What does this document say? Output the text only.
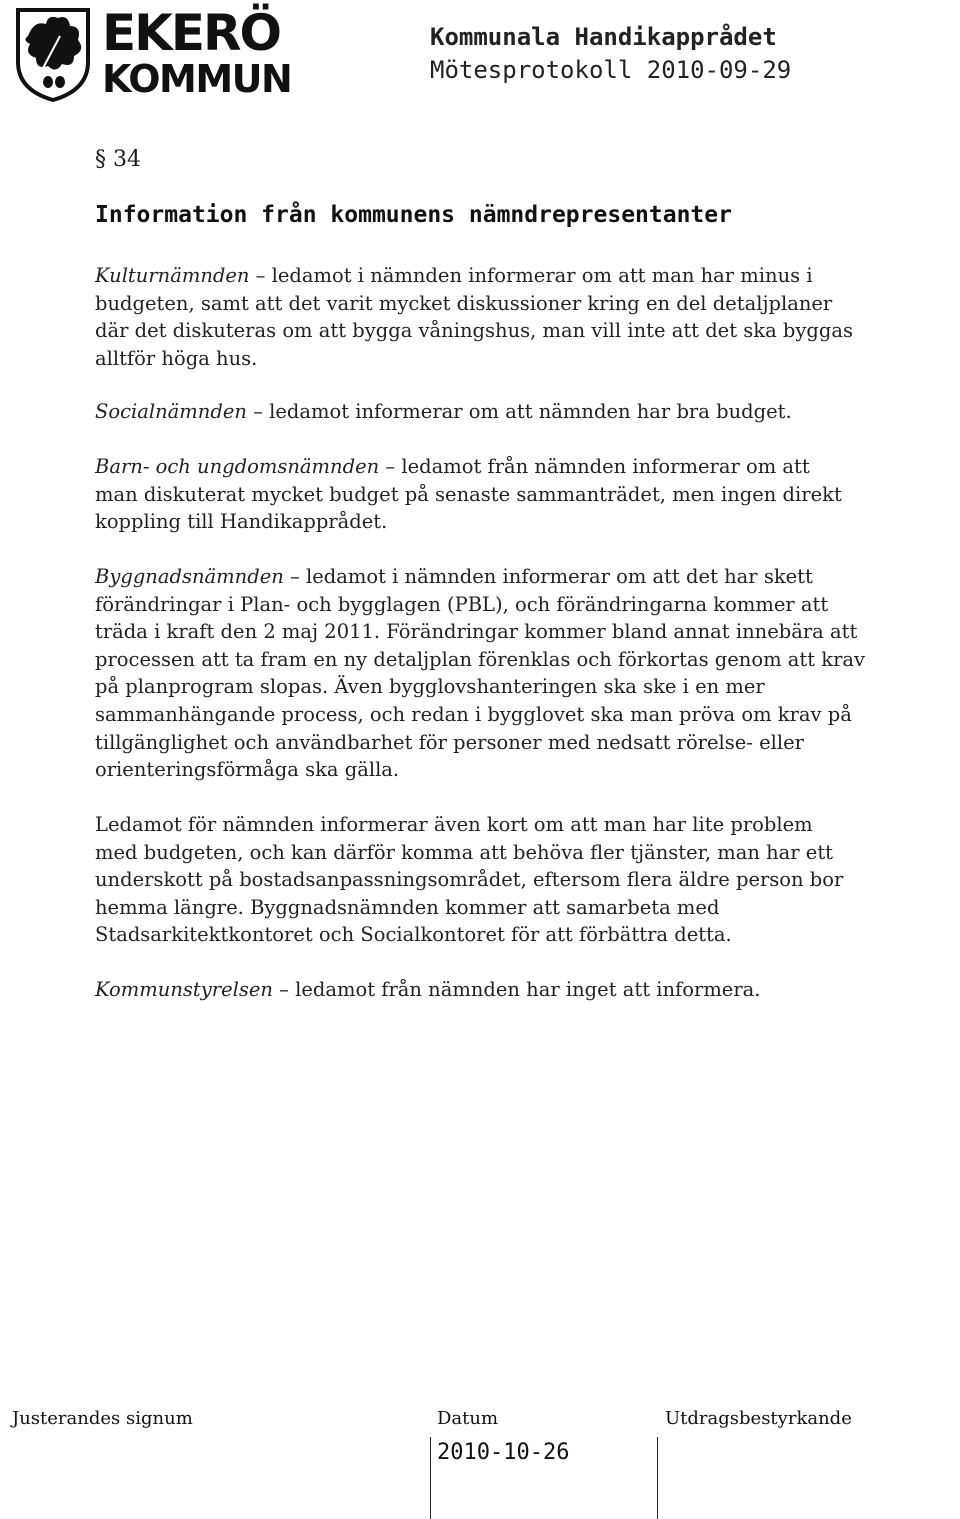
EKERÖ
KOMMUN
Kommunala Handikapprådet
Mötesprotokoll 2010-09-29
§ 34
Information från kommunens nämndrepresentanter
Kulturnämnden – ledamot i nämnden informerar om att man har minus i
budgeten, samt att det varit mycket diskussioner kring en del detaljplaner
där det diskuteras om att bygga våningshus, man vill inte att det ska byggas
alltför höga hus.
Socialnämnden – ledamot informerar om att nämnden har bra budget.
Barn- och ungdomsnämnden – ledamot från nämnden informerar om att
man diskuterat mycket budget på senaste sammanträdet, men ingen direkt
koppling till Handikapprådet.
Byggnadsnämnden – ledamot i nämnden informerar om att det har skett
förändringar i Plan- och bygglagen (PBL), och förändringarna kommer att
träda i kraft den 2 maj 2011. Förändringar kommer bland annat innebära att
processen att ta fram en ny detaljplan förenklas och förkortas genom att krav
på planprogram slopas. Även bygglovshanteringen ska ske i en mer
sammanhängande process, och redan i bygglovet ska man pröva om krav på
tillgänglighet och användbarhet för personer med nedsatt rörelse- eller
orienteringsförmåga ska gälla.
Ledamot för nämnden informerar även kort om att man har lite problem
med budgeten, och kan därför komma att behöva fler tjänster, man har ett
underskott på bostadsanpassningsområdet, eftersom flera äldre person bor
hemma längre. Byggnadsnämnden kommer att samarbeta med
Stadsarkitektkontoret och Socialkontoret för att förbättra detta.
Kommunstyrelsen – ledamot från nämnden har inget att informera.
Justerandes signum	Datum	Utdragsbestyrkande
2010-10-26
